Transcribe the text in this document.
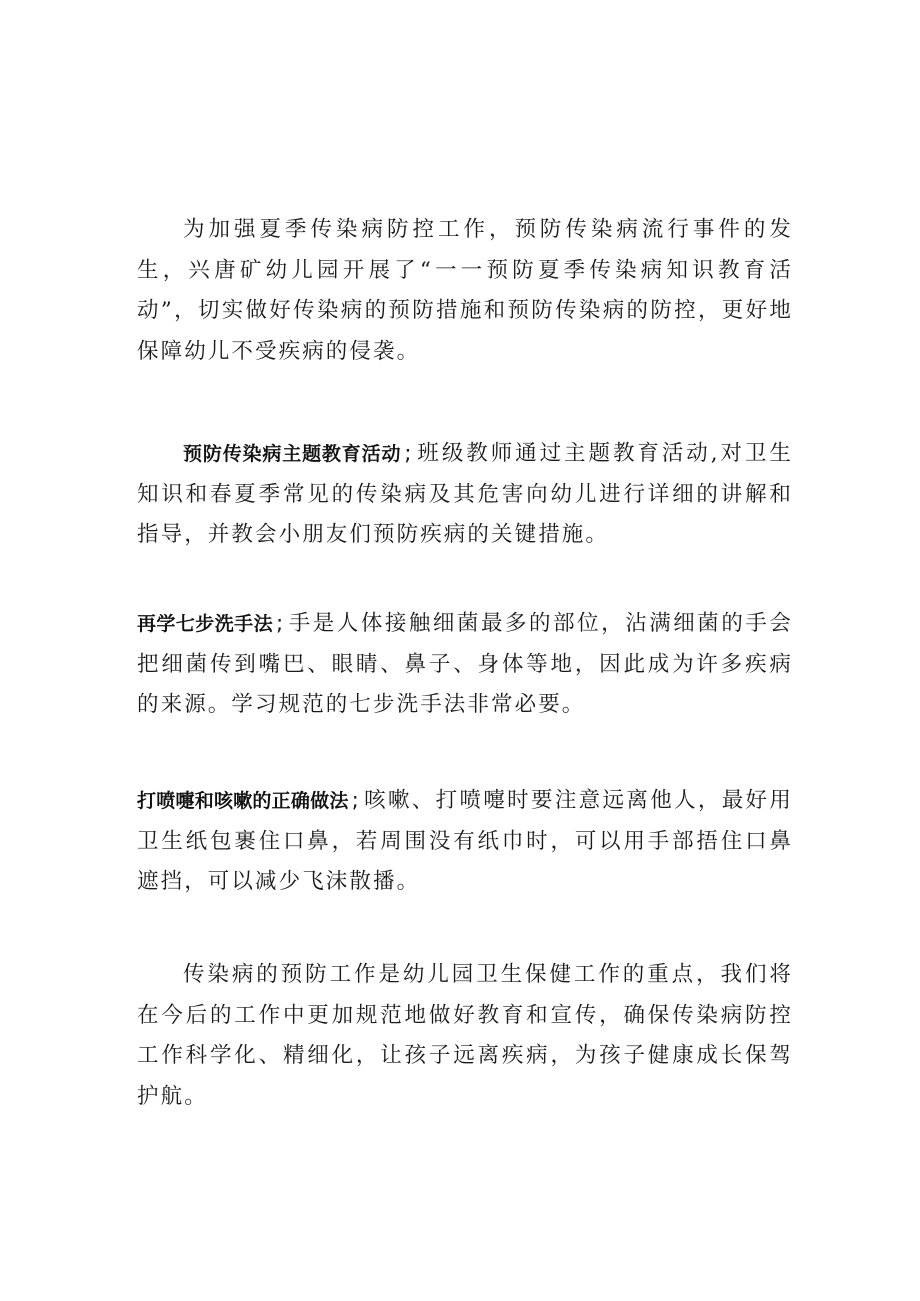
为加强夏季传染病防控工作，预防传染病流行事件的发生，兴唐矿幼儿园开展了“一一预防夏季传染病知识教育活动”，切实做好传染病的预防措施和预防传染病的防控，更好地保障幼儿不受疾病的侵袭。

预防传染病主题教育活动 ; 班级教师通过主题教育活动,对卫生知识和春夏季常见的传染病及其危害向幼儿进行详细的讲解和指导，并教会小朋友们预防疾病的关键措施。

再学七步洗手法 ; 手是人体接触细菌最多的部位，沾满细菌的手会把细菌传到嘴巴、眼睛、鼻子、身体等地，因此成为许多疾病的来源。学习规范的七步洗手法非常必要。

打喷嚏和咳嗽的正确做法 ; 咳嗽、打喷嚏时要注意远离他人，最好用卫生纸包裹住口鼻，若周围没有纸巾时，可以用手部捂住口鼻遮挡，可以减少飞沫散播。

传染病的预防工作是幼儿园卫生保健工作的重点，我们将在今后的工作中更加规范地做好教育和宣传，确保传染病防控工作科学化、精细化，让孩子远离疾病，为孩子健康成长保驾护航。
